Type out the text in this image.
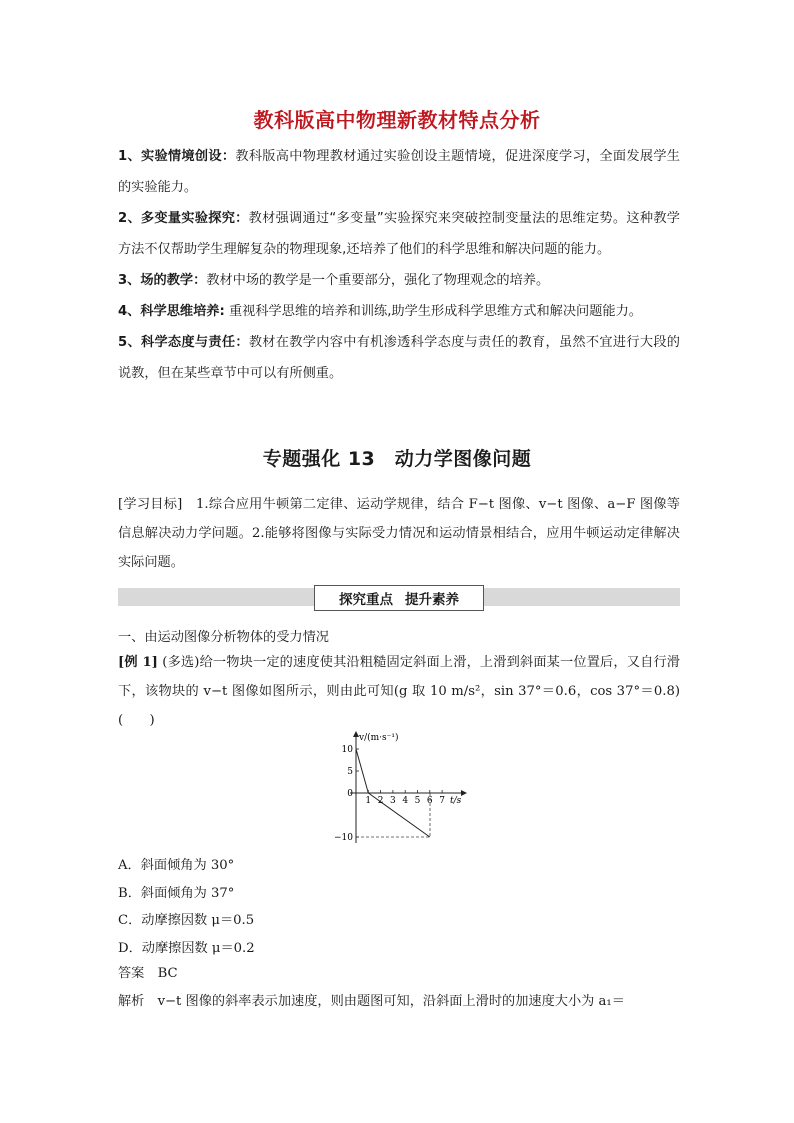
教科版高中物理新教材特点分析
1、实验情境创设：教科版高中物理教材通过实验创设主题情境，促进深度学习，全面发展学生的实验能力。
2、多变量实验探究：教材强调通过“多变量”实验探究来突破控制变量法的思维定势。这种教学方法不仅帮助学生理解复杂的物理现象,还培养了他们的科学思维和解决问题的能力。
3、场的教学：教材中场的教学是一个重要部分，强化了物理观念的培养。
4、科学思维培养: 重视科学思维的培养和训练,助学生形成科学思维方式和解决问题能力。
5、科学态度与责任：教材在教学内容中有机渗透科学态度与责任的教育，虽然不宜进行大段的说教，但在某些章节中可以有所侧重。
专题强化 13　动力学图像问题
[学习目标]　1.综合应用牛顿第二定律、运动学规律，结合 F−t 图像、v−t 图像、a−F 图像等信息解决动力学问题。2.能够将图像与实际受力情况和运动情景相结合，应用牛顿运动定律解决实际问题。
探究重点 提升素养
一、由运动图像分析物体的受力情况
[例 1] (多选)给一物块一定的速度使其沿粗糙固定斜面上滑，上滑到斜面某一位置后，又自行滑下，该物块的 v−t 图像如图所示，则由此可知(g 取 10 m/s²，sin 37°＝0.6，cos 37°＝0.8)(　　)
10
5
0
−10
1 2 3 4 5 6 7
v/(m·s⁻¹)
t/s
A．斜面倾角为 30°
B．斜面倾角为 37°
C．动摩擦因数 μ＝0.5
D．动摩擦因数 μ＝0.2
答案　 BC
解析　 v−t 图像的斜率表示加速度，则由题图可知，沿斜面上滑时的加速度大小为 a₁＝
